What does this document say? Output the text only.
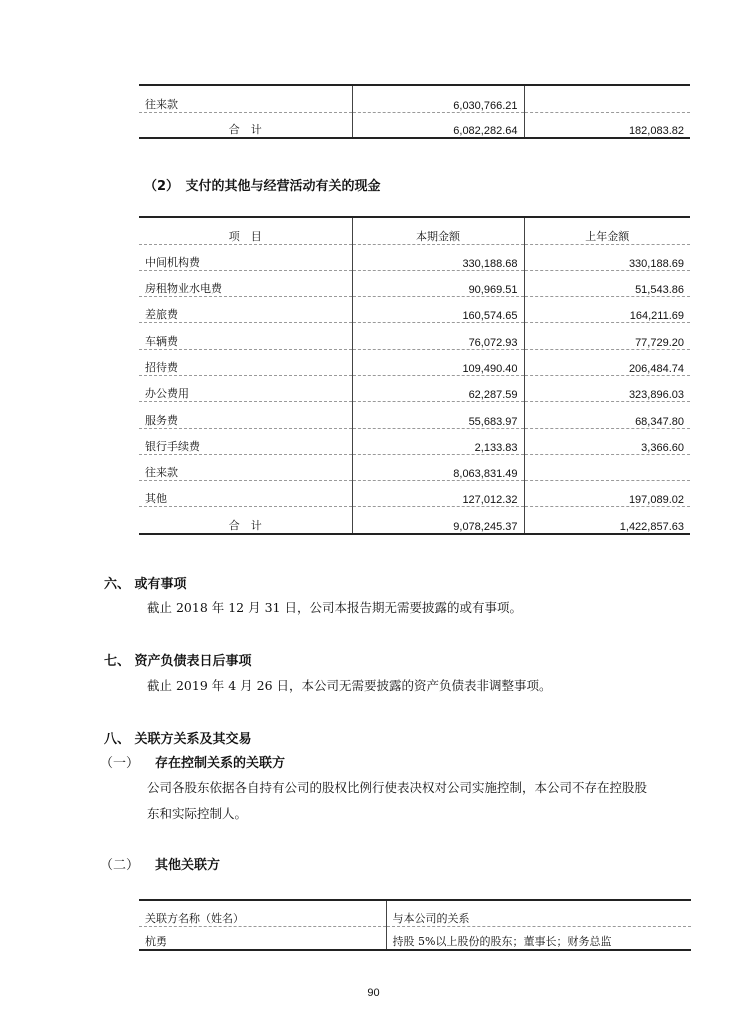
往来款	6,030,766.21	
合　计	6,082,282.64	182,083.82
（2）　支付的其他与经营活动有关的现金
项　目	本期金额	上年金额
中间机构费	330,188.68	330,188.69
房租物业水电费	90,969.51	51,543.86
差旅费	160,574.65	164,211.69
车辆费	76,072.93	77,729.20
招待费	109,490.40	206,484.74
办公费用	62,287.59	323,896.03
服务费	55,683.97	68,347.80
银行手续费	2,133.83	3,366.60
往来款	8,063,831.49	
其他	127,012.32	197,089.02
合　计	9,078,245.37	1,422,857.63
六、 或有事项
截止 2018 年 12 月 31 日，公司本报告期无需要披露的或有事项。
七、 资产负债表日后事项
截止 2019 年 4 月 26 日，本公司无需要披露的资产负债表非调整事项。
八、 关联方关系及其交易
（一） 存在控制关系的关联方
公司各股东依据各自持有公司的股权比例行使表决权对公司实施控制，本公司不存在控股股
东和实际控制人。
（二） 其他关联方
关联方名称（姓名）	与本公司的关系
杭勇	持股 5%以上股份的股东；董事长；财务总监
90
